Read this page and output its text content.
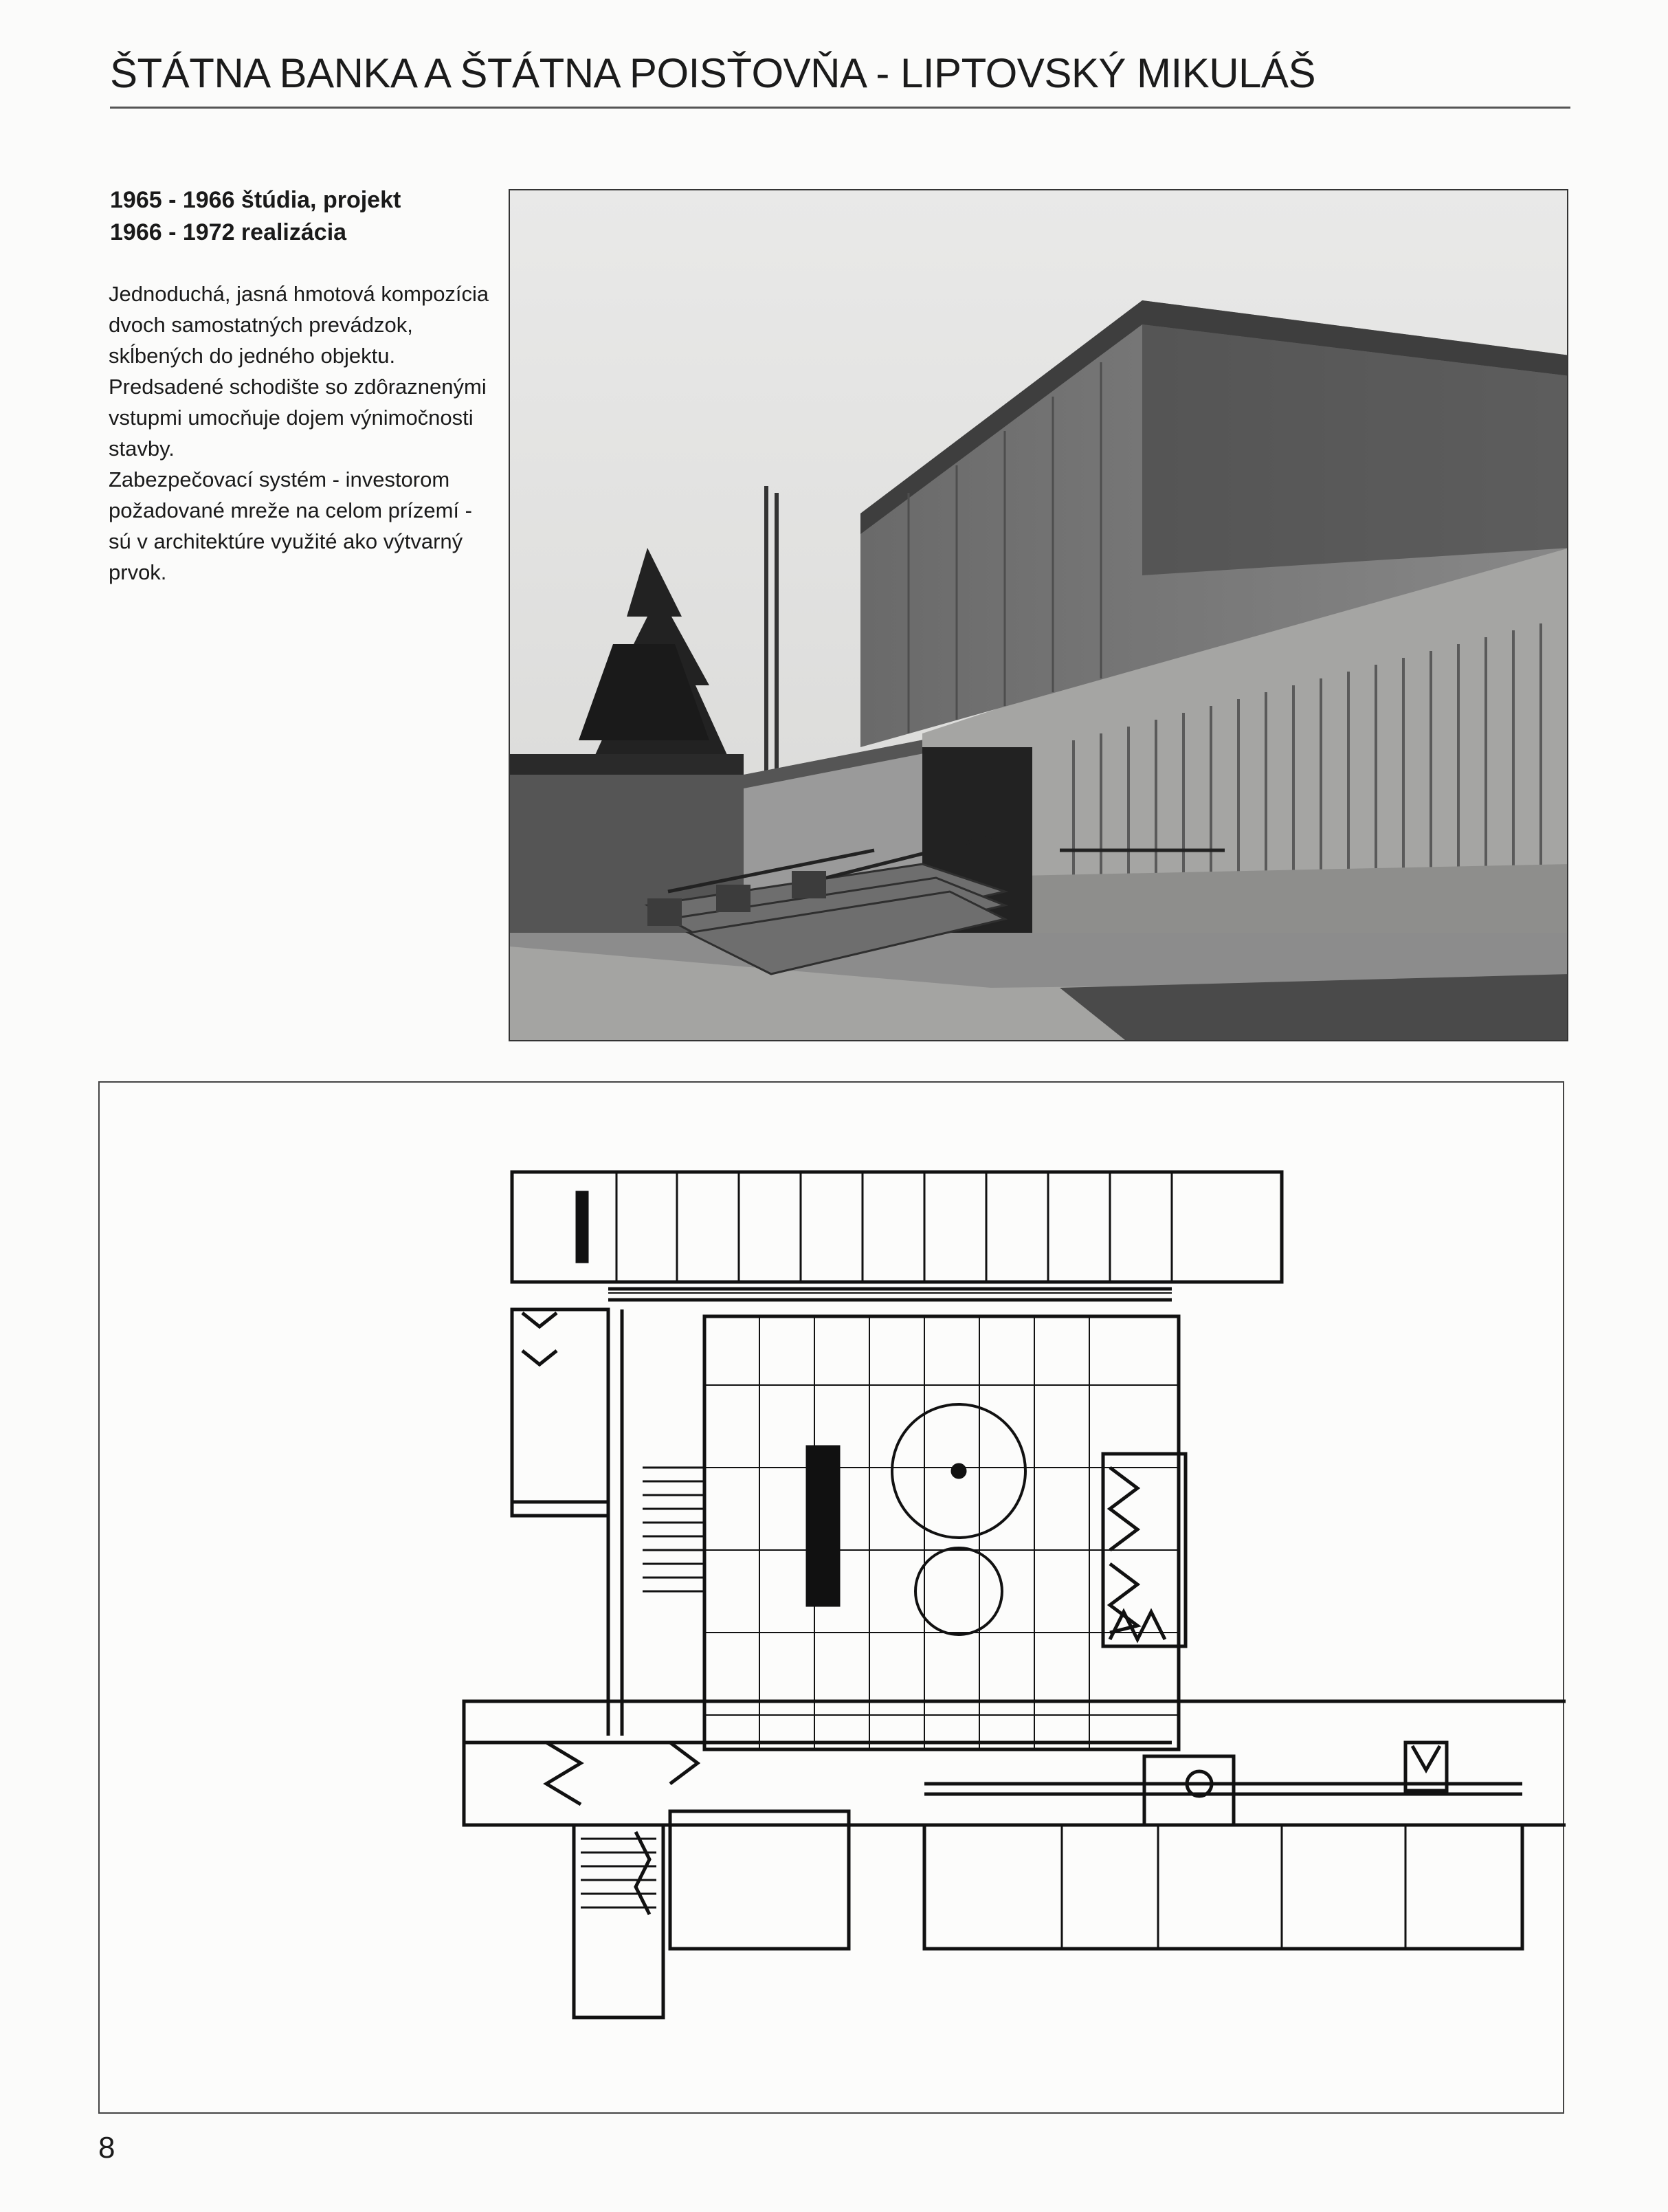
ŠTÁTNA BANKA A ŠTÁTNA POISŤOVŇA - LIPTOVSKÝ MIKULÁŠ
1965 - 1966 štúdia, projekt
1966 - 1972 realizácia

Jednoduchá, jasná hmotová kompozícia dvoch samostatných prevádzok, skĺbených do jedného objektu.

Predsadené schodište so zdôraznenými vstupmi umocňuje dojem výnimočnosti stavby.

Zabezpečovací systém - investorom požadované mreže na celom prízemí - sú v architektúre využité ako výtvarný prvok.

8
